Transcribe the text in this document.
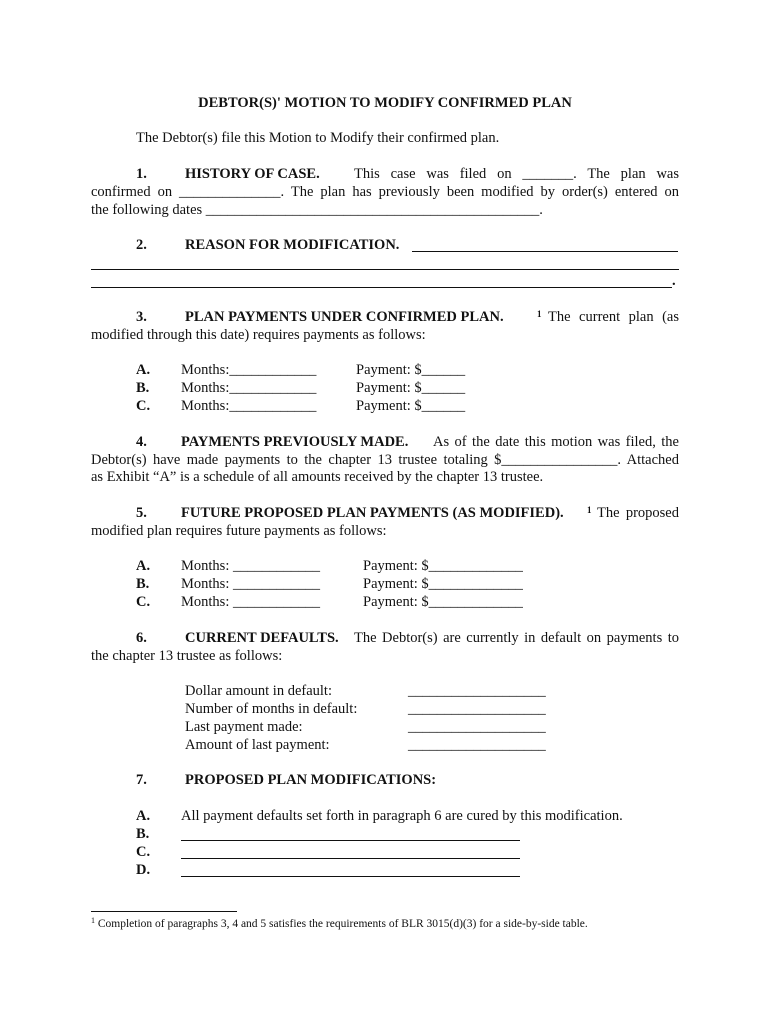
DEBTOR(S)' MOTION TO MODIFY CONFIRMED PLAN
The Debtor(s) file this Motion to Modify their confirmed plan.
1.	HISTORY OF CASE. This case was filed on _______. The plan was
confirmed on ______________. The plan has previously been modified by order(s) entered on
the following dates ______________________________________________.
2.	REASON FOR MODIFICATION.
.
3.	PLAN PAYMENTS UNDER CONFIRMED PLAN.	$^1$ The current plan (as
modified through this date) requires payments as follows:
A. Months:____________	Payment: $______
B. Months:____________	Payment: $______
C. Months:____________	Payment: $______
4. PAYMENTS PREVIOUSLY MADE. As of the date this motion was filed, the
Debtor(s) have made payments to the chapter 13 trustee totaling $________________. Attached
as Exhibit “A” is a schedule of all amounts received by the chapter 13 trustee.
5. FUTURE PROPOSED PLAN PAYMENTS (AS MODIFIED).	$^1$ The proposed
modified plan requires future payments as follows:
A. Months: ____________	Payment: $_____________
B. Months: ____________	Payment: $_____________
C. Months: ____________	Payment: $_____________
6.	CURRENT DEFAULTS. The Debtor(s) are currently in default on payments to
the chapter 13 trustee as follows:
Dollar amount in default:	___________________
Number of months in default:	___________________
Last payment made:	___________________
Amount of last payment:	___________________
7.	PROPOSED PLAN MODIFICATIONS:
A. All payment defaults set forth in paragraph 6 are cured by this modification.
B.
C.
D.
$^1$ Completion of paragraphs 3, 4 and 5 satisfies the requirements of BLR 3015(d)(3) for a side-by-side table.
